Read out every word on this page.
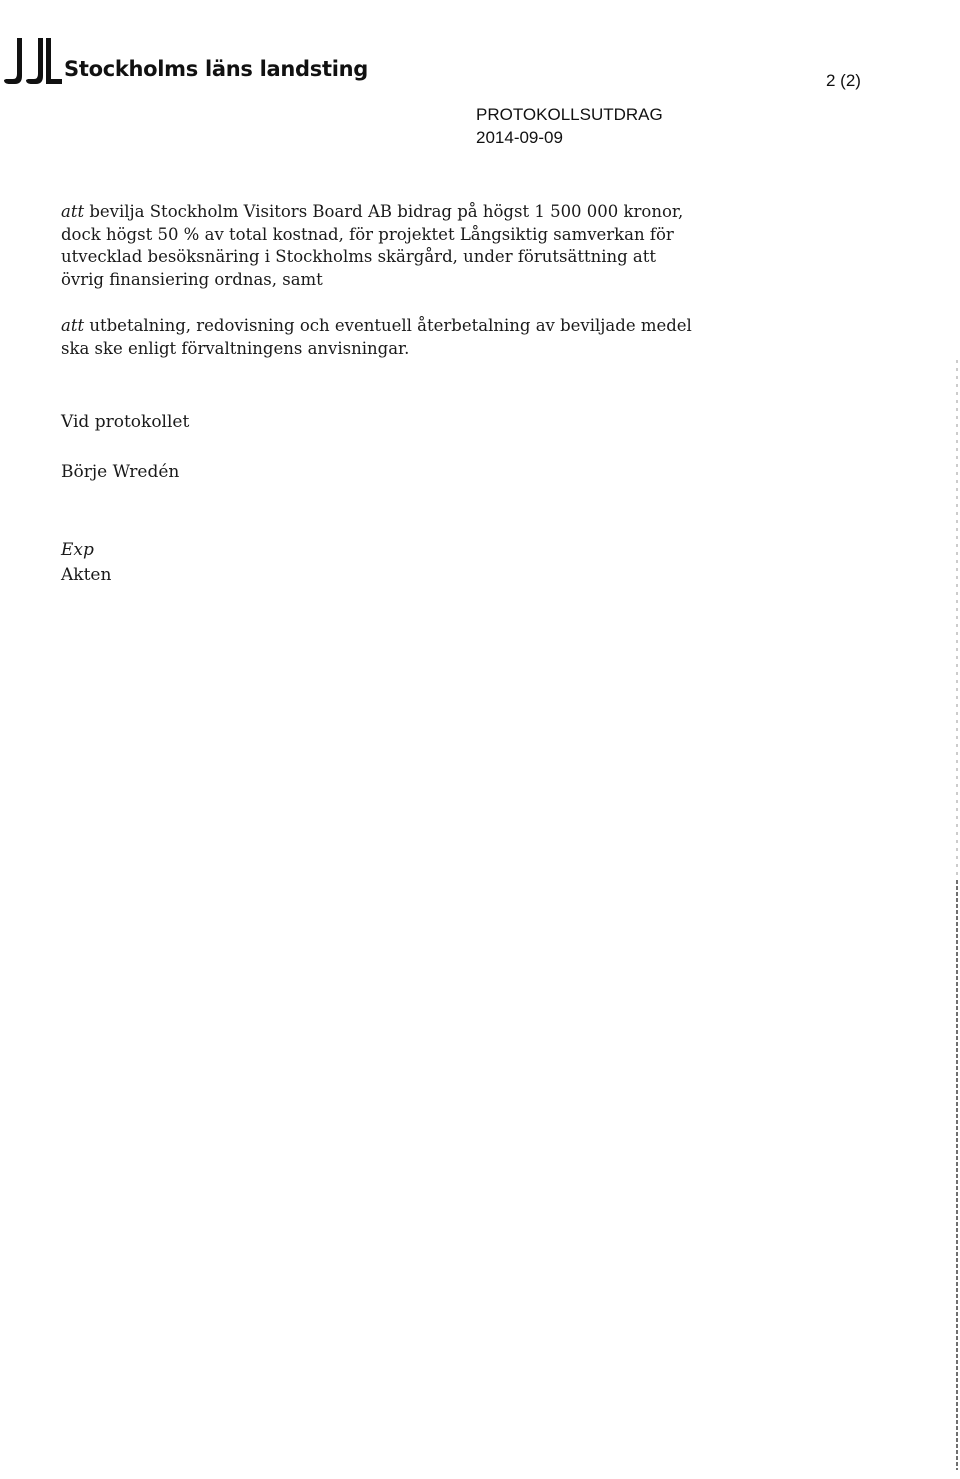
Stockholms läns landsting	2 (2)
PROTOKOLLSUTDRAG
2014-09-09
att bevilja Stockholm Visitors Board AB bidrag på högst 1 500 000 kronor,
dock högst 50 % av total kostnad, för projektet Långsiktig samverkan för
utvecklad besöksnäring i Stockholms skärgård, under förutsättning att
övrig finansiering ordnas, samt
att utbetalning, redovisning och eventuell återbetalning av beviljade medel
ska ske enligt förvaltningens anvisningar.
Vid protokollet
Börje Wredén
Exp
Akten
